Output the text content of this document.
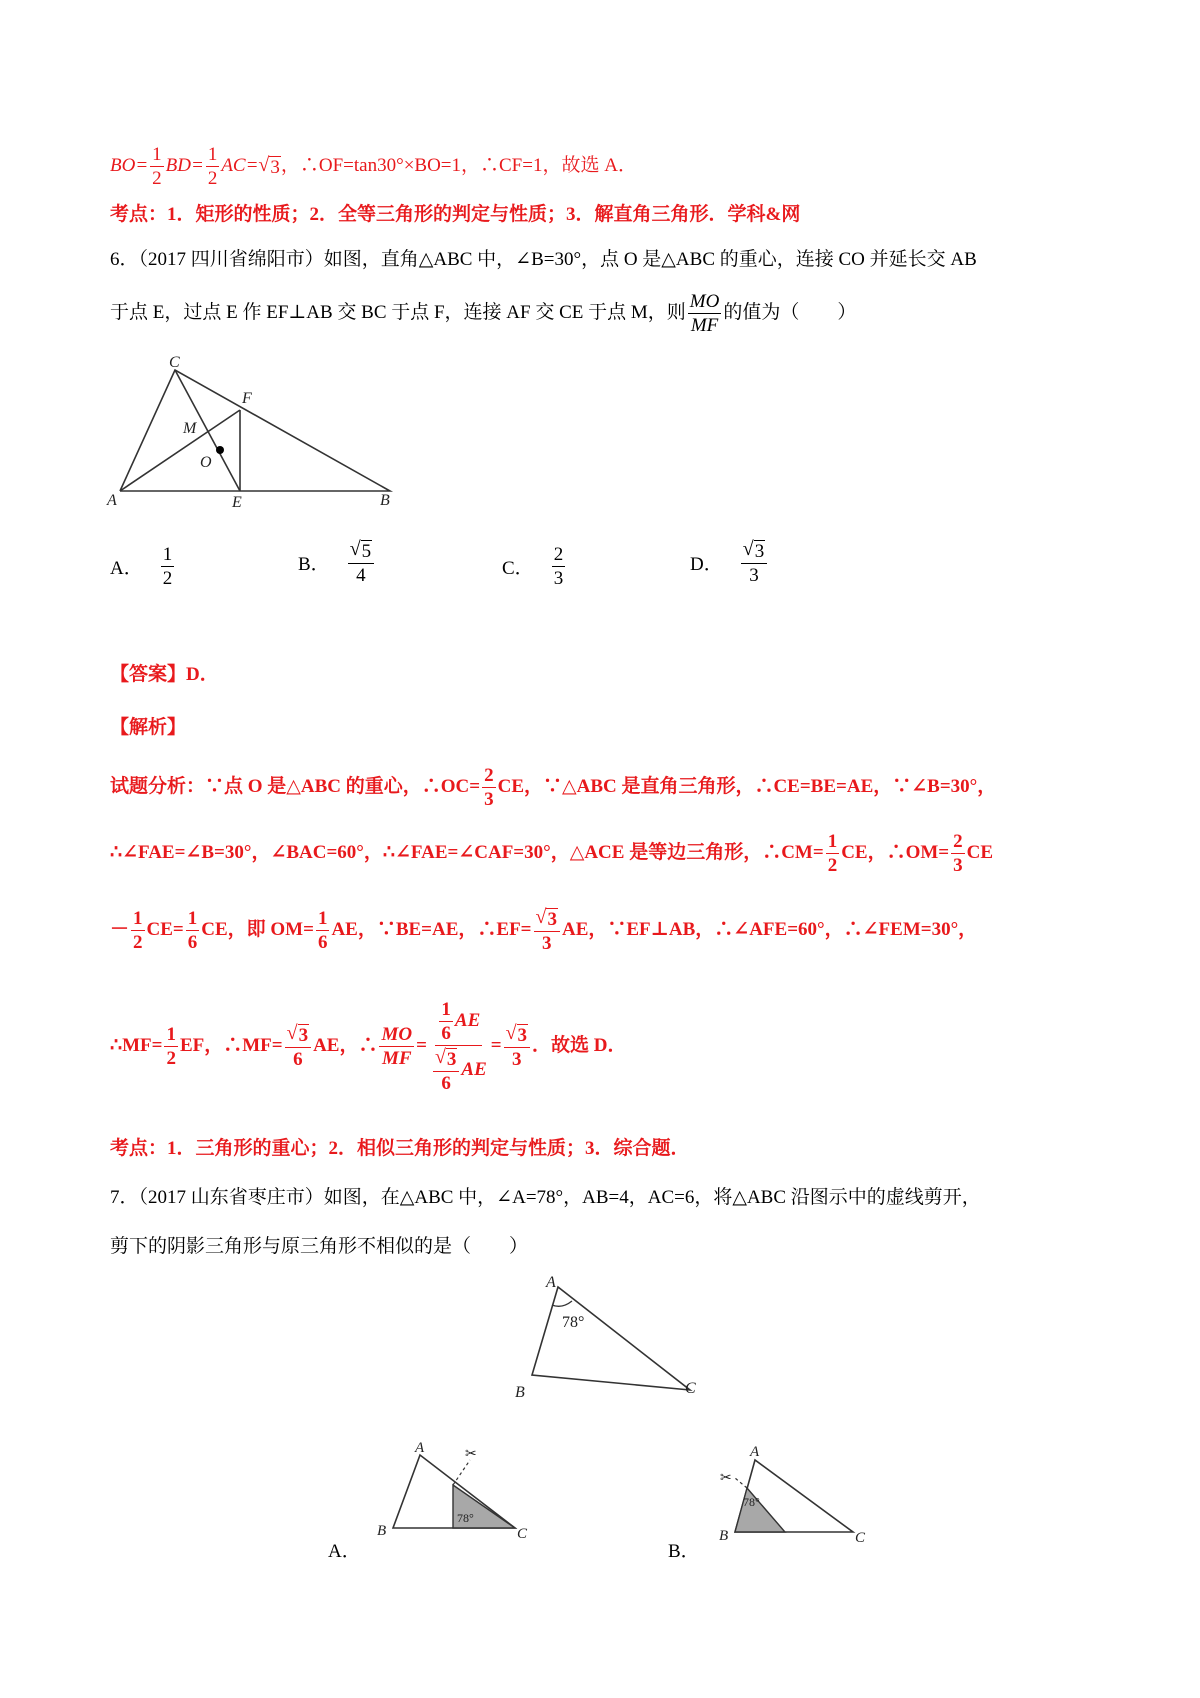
$BO= \frac{1}{2} BD= \frac{1}{2} AC=$ √ 3 ，∴OF=tan30°×BO=1，∴CF=1，故选 A．
考点：1．矩形的性质；2．全等三角形的判定与性质；3．解直角三角形．学科&网
6．（2017 四川省绵阳市）如图，直角△ABC 中，∠B=30°，点 O 是△ABC 的重心，连接 CO 并延长交 AB
于点 E，过点 E 作 EF⊥AB 交 BC 于点 F，连接 AF 交 CE 于点 M，则 $\frac{MO}{MF}$ 的值为（　　）
C
F
M
O
A	E	B
A． $\frac{1}{2}$	B． $\frac{√ 5}{4}$	C． $\frac{2}{3}$	D． $\frac{√ 3}{3}$
【答案】D．
【解析】
试题分析：∵点 O 是△ABC 的重心，∴OC= $\frac{2}{3}$ CE，∵△ABC 是直角三角形，∴CE=BE=AE，∵∠B=30°，
∴∠FAE=∠B=30°，∠BAC=60°，∴∠FAE=∠CAF=30°，△ACE 是等边三角形，∴CM= $\frac{1}{2}$ CE，∴OM= $\frac{2}{3}$ CE
－ $\frac{1}{2} CE= \frac{1}{6}$ CE，即 $OM= \frac{1}{6}$ AE，∵BE=AE，∴EF= $\frac{√ 3}{3}$ AE，∵EF⊥AB，∴∠AFE=60°，∴∠FEM=30°，
∴MF= $\frac{1}{2}$ EF，∴MF= $\frac{√ 3}{6}$ AE，∴ $\frac{MO}{MF} = \frac{\frac{1}{6} AE}{\frac{√ 3}{6} AE} = \frac{√ 3}{3}$ ．故选 D．
考点：1．三角形的重心；2．相似三角形的判定与性质；3．综合题．
7．（2017 山东省枣庄市）如图，在△ABC 中，∠A=78°，AB=4，AC=6，将△ABC 沿图示中的虚线剪开，
剪下的阴影三角形与原三角形不相似的是（　　）
A
78°
B	C
A．
✂
A
B	C
78°
B．
✂
A
B	C
78°
